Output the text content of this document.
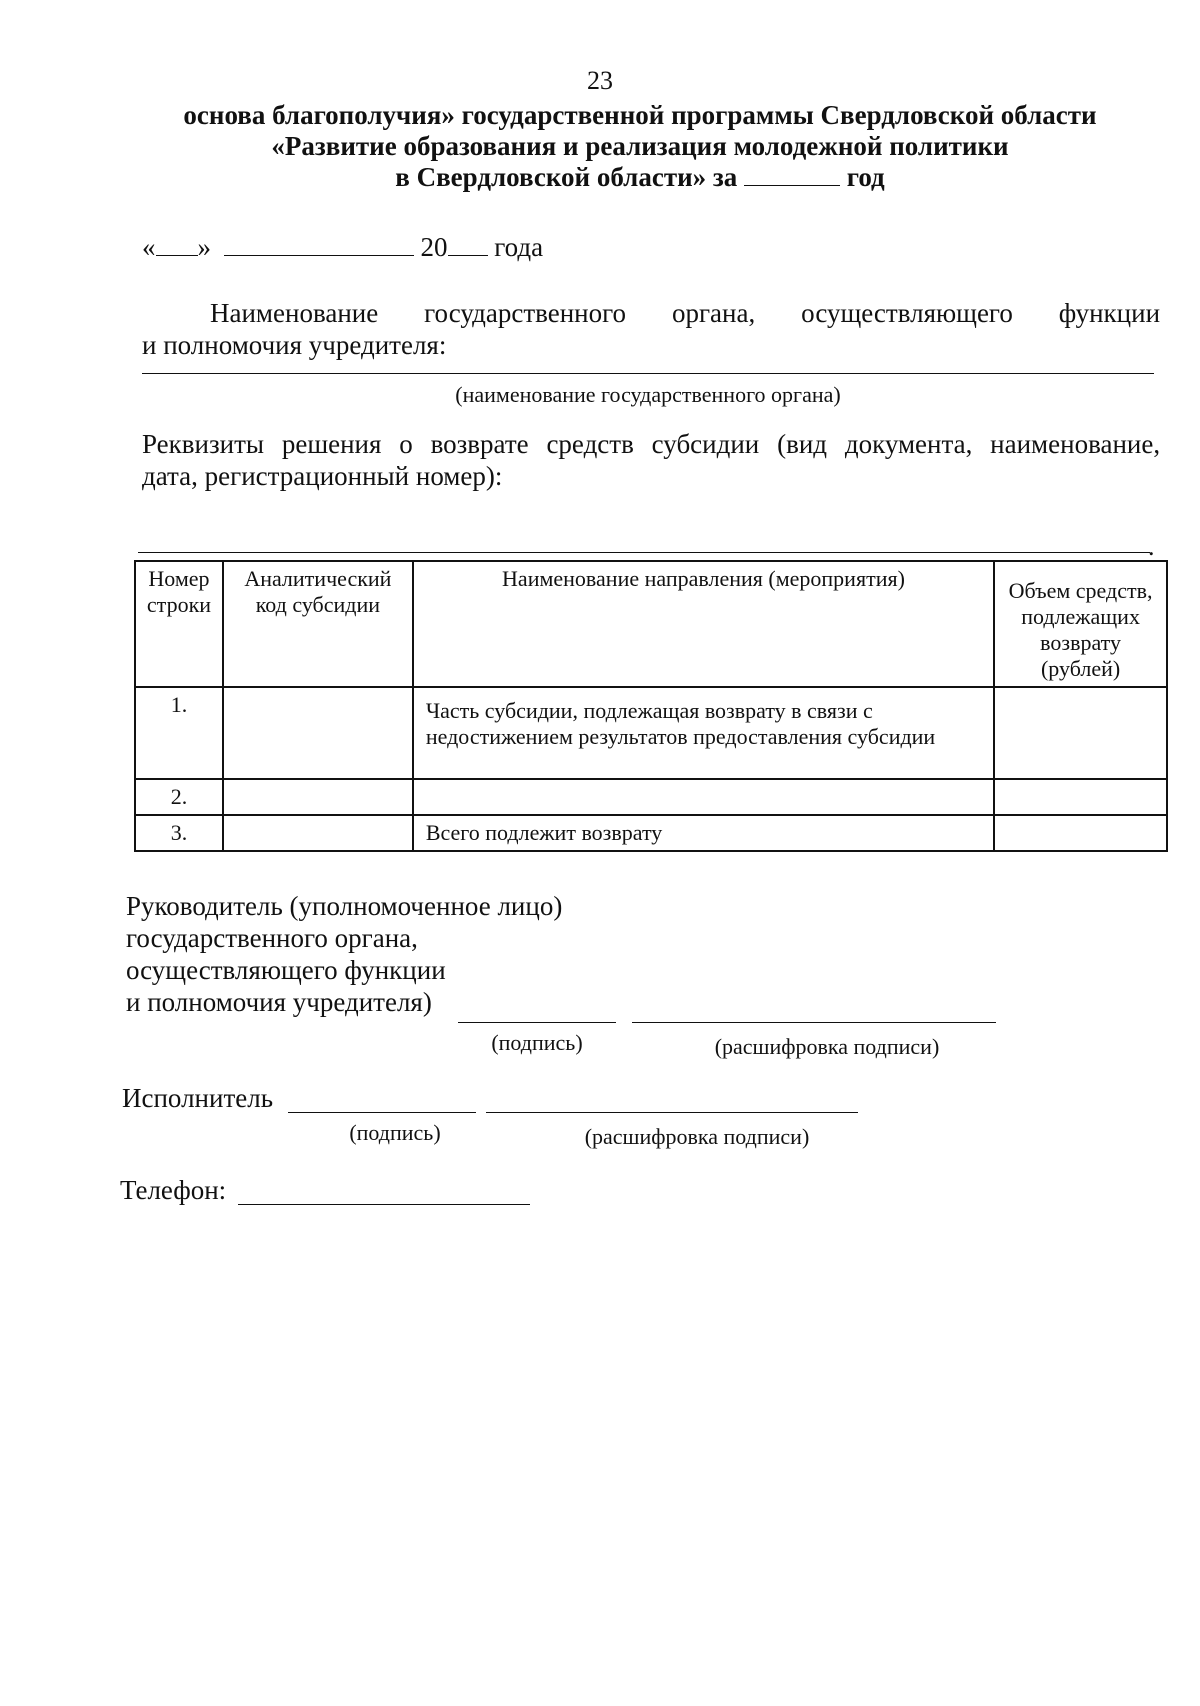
23
основа благополучия» государственной программы Свердловской области
«Развитие образования и реализация молодежной политики
в Свердловской области» за	год
« »	20 года
Наименование государственного органа, осуществляющего функции
и полномочия учредителя:
(наименование государственного органа)
Реквизиты решения о возврате средств субсидии (вид документа, наименование,
дата, регистрационный номер):
.
Номер строки	Аналитический код субсидии	Наименование направления (мероприятия)	Объем средств, подлежащих возврату (рублей)
1.		Часть субсидии, подлежащая возврату в связи с недостижением результатов предоставления субсидии	
2.			
3.		Всего подлежит возврату	
Руководитель (уполномоченное лицо)
государственного органа,
осуществляющего функции
и полномочия учредителя)
(подпись)	(расшифровка подписи)
Исполнитель
(подпись)	(расшифровка подписи)
Телефон:
